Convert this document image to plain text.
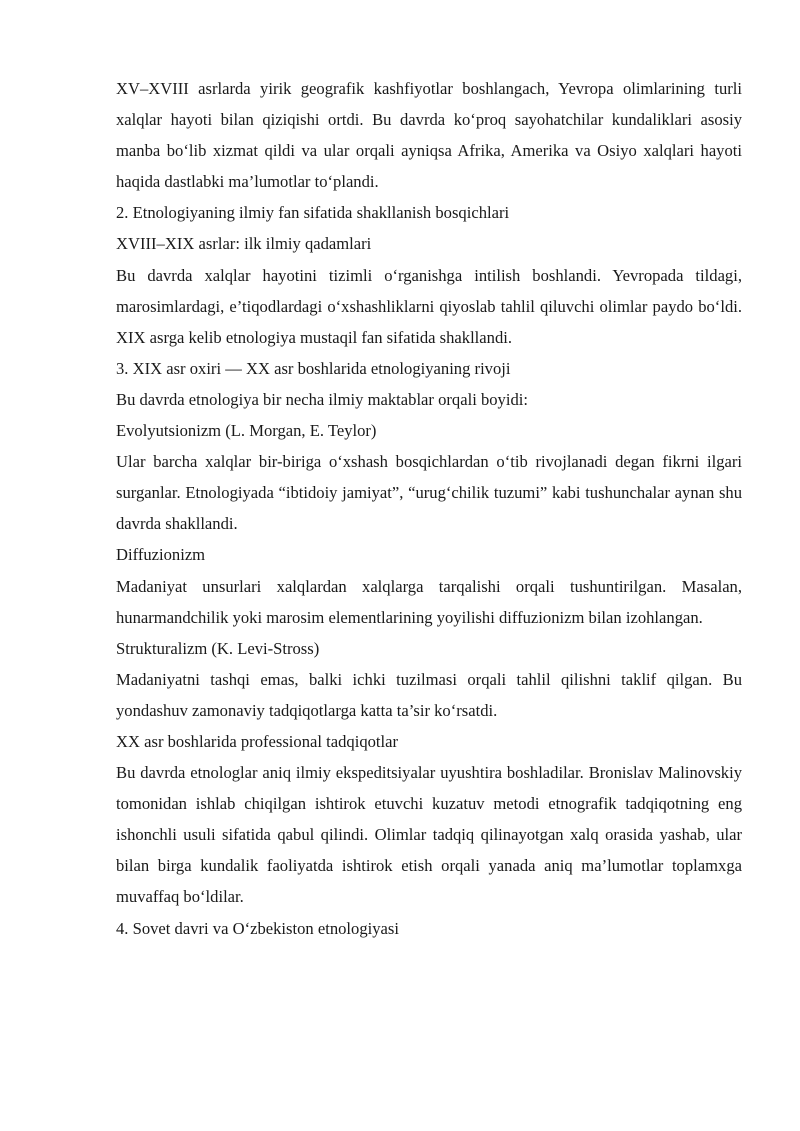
XV–XVIII asrlarda yirik geografik kashfiyotlar boshlangach, Yevropa olimlarining turli xalqlar hayoti bilan qiziqishi ortdi. Bu davrda ko‘proq sayohatchilar kundaliklari asosiy manba bo‘lib xizmat qildi va ular orqali ayniqsa Afrika, Amerika va Osiyo xalqlari hayoti haqida dastlabki ma’lumotlar to‘plandi.

2. Etnologiyaning ilmiy fan sifatida shakllanish bosqichlari

XVIII–XIX asrlar: ilk ilmiy qadamlari

Bu davrda xalqlar hayotini tizimli o‘rganishga intilish boshlandi. Yevropada tildagi, marosimlardagi, e’tiqodlardagi o‘xshashliklarni qiyoslab tahlil qiluvchi olimlar paydo bo‘ldi. XIX asrga kelib etnologiya mustaqil fan sifatida shakllandi.

3. XIX asr oxiri — XX asr boshlarida etnologiyaning rivoji

Bu davrda etnologiya bir necha ilmiy maktablar orqali boyidi:

Evolyutsionizm (L. Morgan, E. Teylor)

Ular barcha xalqlar bir-biriga o‘xshash bosqichlardan o‘tib rivojlanadi degan fikrni ilgari surganlar. Etnologiyada “ibtidoiy jamiyat”, “urug‘chilik tuzumi” kabi tushunchalar aynan shu davrda shakllandi.

Diffuzionizm

Madaniyat unsurlari xalqlardan xalqlarga tarqalishi orqali tushuntirilgan. Masalan, hunarmandchilik yoki marosim elementlarining yoyilishi diffuzionizm bilan izohlangan.

Strukturalizm (K. Levi-Stross)

Madaniyatni tashqi emas, balki ichki tuzilmasi orqali tahlil qilishni taklif qilgan. Bu yondashuv zamonaviy tadqiqotlarga katta ta’sir ko‘rsatdi.

XX asr boshlarida professional tadqiqotlar

Bu davrda etnologlar aniq ilmiy ekspeditsiyalar uyushtira boshladilar. Bronislav Malinovskiy tomonidan ishlab chiqilgan ishtirok etuvchi kuzatuv metodi etnografik tadqiqotning eng ishonchli usuli sifatida qabul qilindi. Olimlar tadqiq qilinayotgan xalq orasida yashab, ular bilan birga kundalik faoliyatda ishtirok etish orqali yanada aniq ma’lumotlar toplamxga muvaffaq bo‘ldilar.

4. Sovet davri va O‘zbekiston etnologiyasi
